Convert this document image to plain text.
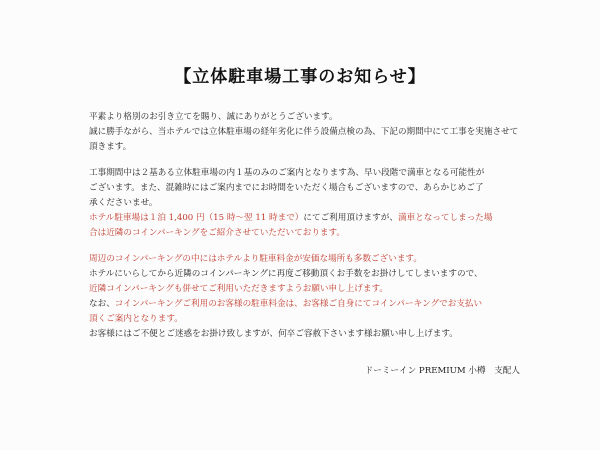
【立体駐車場工事のお知らせ】
平素より格別のお引き立てを賜り、誠にありがとうございます。
誠に勝手ながら、当ホテルでは立体駐車場の経年劣化に伴う設備点検の為、下記の期間中にて工事を実施させて
頂きます。
工事期間中は２基ある立体駐車場の内１基のみのご案内となります為、早い段階で満車となる可能性が
ございます。また、混雑時にはご案内までにお時間をいただく場合もございますので、あらかじめご了
承くださいませ。
ホテル駐車場は１泊 1,400 円（15 時～翌 11 時まで）にてご利用頂けますが、満車となってしまった場
合は近隣のコインパーキングをご紹介させていただいております。
周辺のコインパーキングの中にはホテルより駐車料金が安価な場所も多数ございます。
ホテルにいらしてから近隣のコインパーキングに再度ご移動頂くお手数をお掛けしてしまいますので、
近隣コインパーキングも併せてご利用いただきますようお願い申し上げます。
なお、コインパーキングご利用のお客様の駐車料金は、お客様ご自身にてコインパーキングでお支払い
頂くご案内となります。
お客様にはご不便とご迷惑をお掛け致しますが、何卒ご容赦下さいます様お願い申し上げます。
ドーミーイン PREMIUM 小樽　支配人
